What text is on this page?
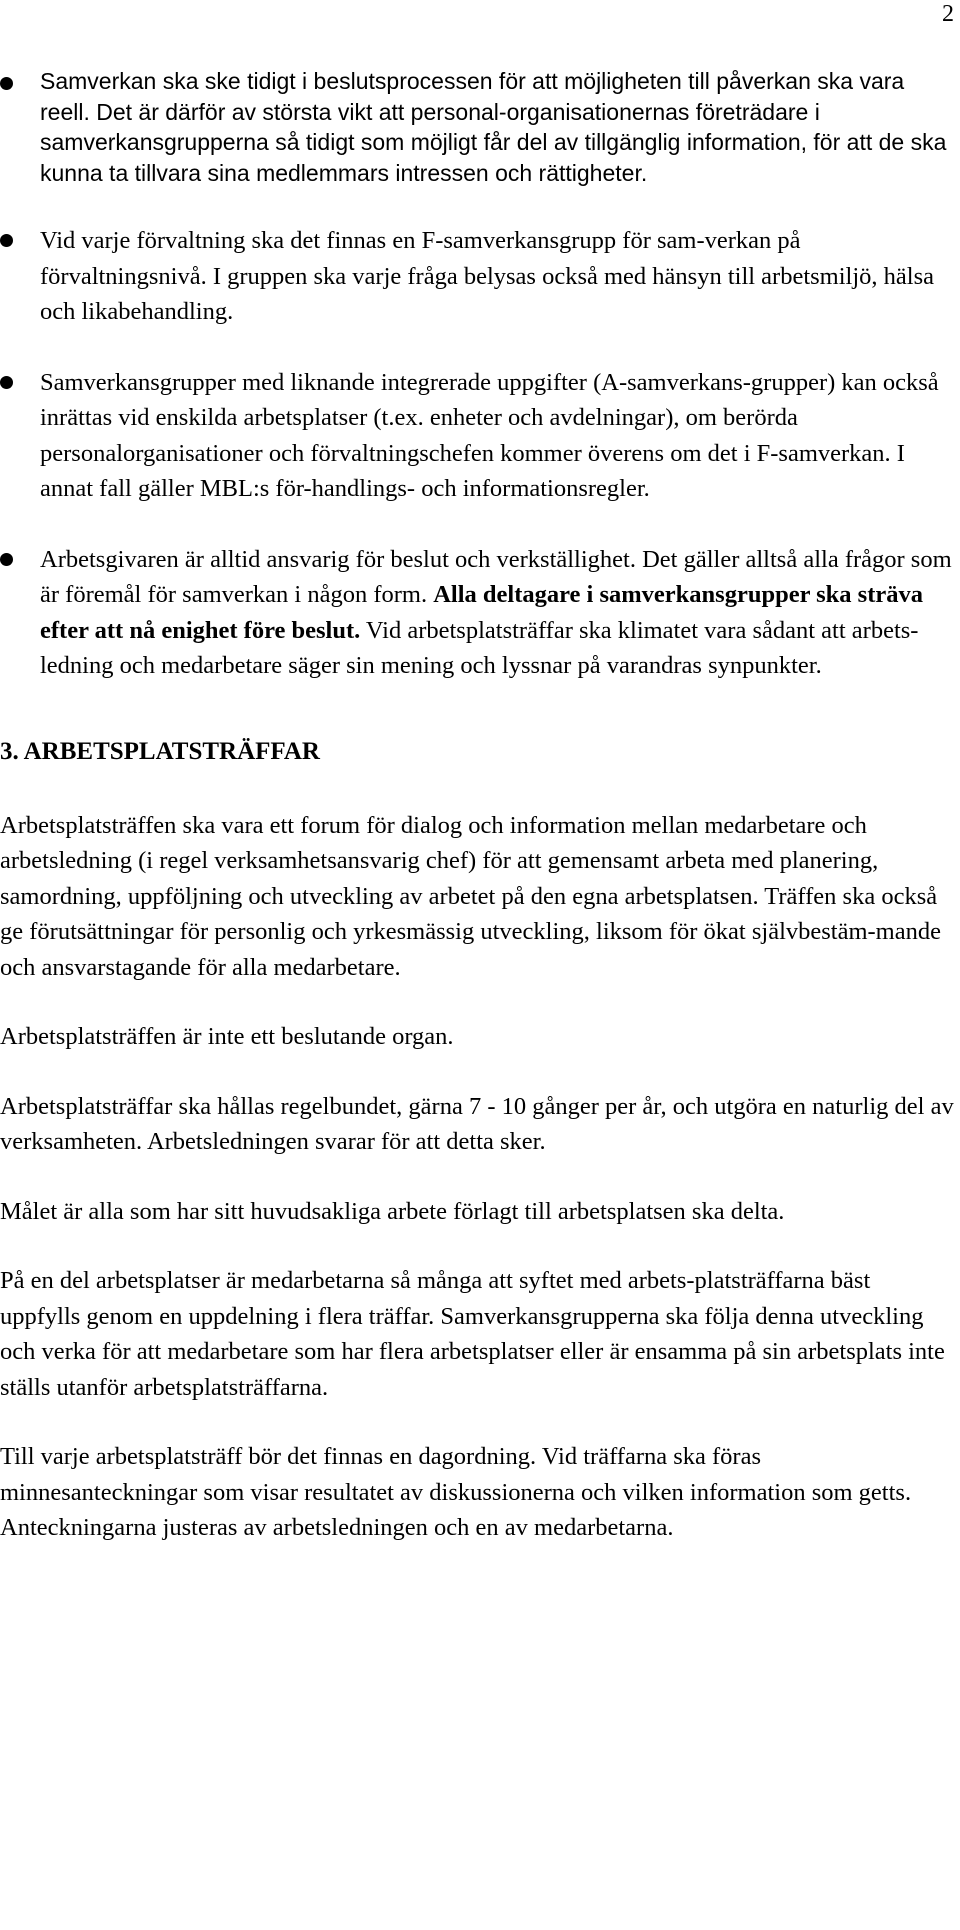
2

Samverkan ska ske tidigt i beslutsprocessen för att möjligheten till påverkan ska vara reell. Det är därför av största vikt att personal-organisationernas företrädare i samverkansgrupperna så tidigt som möjligt får del av tillgänglig information, för att de ska kunna ta tillvara sina medlemmars intressen och rättigheter.

Vid varje förvaltning ska det finnas en F-samverkansgrupp för sam-verkan på förvaltningsnivå. I gruppen ska varje fråga belysas också med hänsyn till arbetsmiljö, hälsa och likabehandling.

Samverkansgrupper med liknande integrerade uppgifter (A-samverkans-grupper) kan också inrättas vid enskilda arbetsplatser (t.ex. enheter och avdelningar), om berörda personalorganisationer och förvaltningschefen kommer överens om det i F-samverkan. I annat fall gäller MBL:s för-handlings- och informationsregler.

Arbetsgivaren är alltid ansvarig för beslut och verkställighet. Det gäller alltså alla frågor som är föremål för samverkan i någon form. Alla deltagare i samverkansgrupper ska sträva efter att nå enighet före beslut. Vid arbetsplatsträffar ska klimatet vara sådant att arbets-ledning och medarbetare säger sin mening och lyssnar på varandras synpunkter.

3. ARBETSPLATSTRÄFFAR

Arbetsplatsträffen ska vara ett forum för dialog och information mellan medarbetare och arbetsledning (i regel verksamhetsansvarig chef) för att gemensamt arbeta med planering, samordning, uppföljning och utveckling av arbetet på den egna arbetsplatsen. Träffen ska också ge förutsättningar för personlig och yrkesmässig utveckling, liksom för ökat självbestäm-mande och ansvarstagande för alla medarbetare.

Arbetsplatsträffen är inte ett beslutande organ.

Arbetsplatsträffar ska hållas regelbundet, gärna 7 - 10 gånger per år, och utgöra en naturlig del av verksamheten. Arbetsledningen svarar för att detta sker.

Målet är alla som har sitt huvudsakliga arbete förlagt till arbetsplatsen ska delta.

På en del arbetsplatser är medarbetarna så många att syftet med arbets-platsträffarna bäst uppfylls genom en uppdelning i flera träffar. Samverkansgrupperna ska följa denna utveckling och verka för att medarbetare som har flera arbetsplatser eller är ensamma på sin arbetsplats inte ställs utanför arbetsplatsträffarna.

Till varje arbetsplatsträff bör det finnas en dagordning. Vid träffarna ska föras minnesanteckningar som visar resultatet av diskussionerna och vilken information som getts. Anteckningarna justeras av arbetsledningen och en av medarbetarna.
